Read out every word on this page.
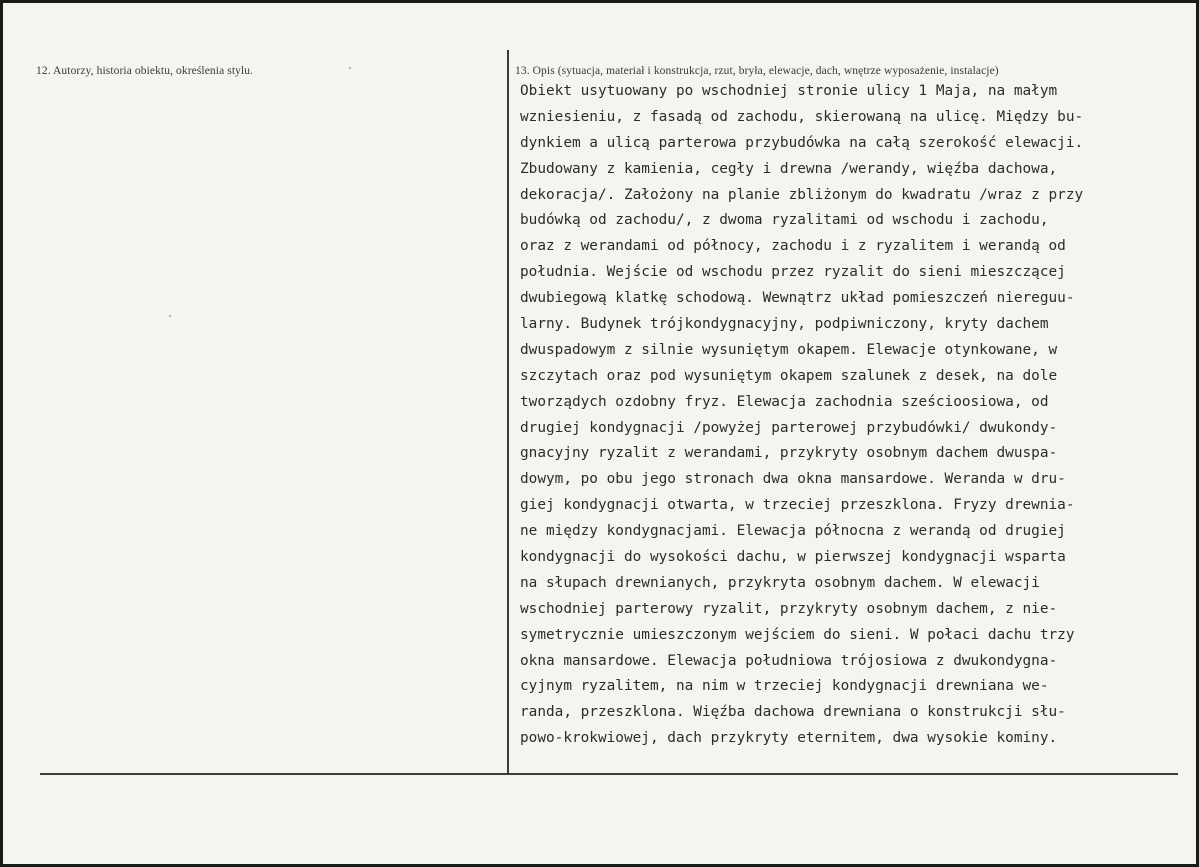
12. Autorzy, historia obiektu, określenia stylu.	13. Opis (sytuacja, materiał i konstrukcja, rzut, bryła, elewacje, dach, wnętrze wyposażenie, instalacje)
Obiekt usytuowany po wschodniej stronie ulicy 1 Maja, na małym
wzniesieniu, z fasadą od zachodu, skierowaną na ulicę. Między bu-
dynkiem a ulicą parterowa przybudówka na całą szerokość elewacji.
Zbudowany z kamienia, cegły i drewna /werandy, więźba dachowa,
dekoracja/. Założony na planie zbliżonym do kwadratu /wraz z przy
budówką od zachodu/, z dwoma ryzalitami od wschodu i zachodu,
oraz z werandami od północy, zachodu i z ryzalitem i werandą od
południa. Wejście od wschodu przez ryzalit do sieni mieszczącej
dwubiegową klatkę schodową. Wewnątrz układ pomieszczeń niereguu-
larny. Budynek trójkondygnacyjny, podpiwniczony, kryty dachem
dwuspadowym z silnie wysuniętym okapem. Elewacje otynkowane, w
szczytach oraz pod wysuniętym okapem szalunek z desek, na dole
tworządych ozdobny fryz. Elewacja zachodnia sześcioosiowa, od
drugiej kondygnacji /powyżej parterowej przybudówki/ dwukondy-
gnacyjny ryzalit z werandami, przykryty osobnym dachem dwuspa-
dowym, po obu jego stronach dwa okna mansardowe. Weranda w dru-
giej kondygnacji otwarta, w trzeciej przeszklona. Fryzy drewnia-
ne między kondygnacjami. Elewacja północna z werandą od drugiej
kondygnacji do wysokości dachu, w pierwszej kondygnacji wsparta
na słupach drewnianych, przykryta osobnym dachem. W elewacji
wschodniej parterowy ryzalit, przykryty osobnym dachem, z nie-
symetrycznie umieszczonym wejściem do sieni. W połaci dachu trzy
okna mansardowe. Elewacja południowa trójosiowa z dwukondygna-
cyjnym ryzalitem, na nim w trzeciej kondygnacji drewniana we-
randa, przeszklona. Więźba dachowa drewniana o konstrukcji słu-
powo-krokwiowej, dach przykryty eternitem, dwa wysokie kominy.
